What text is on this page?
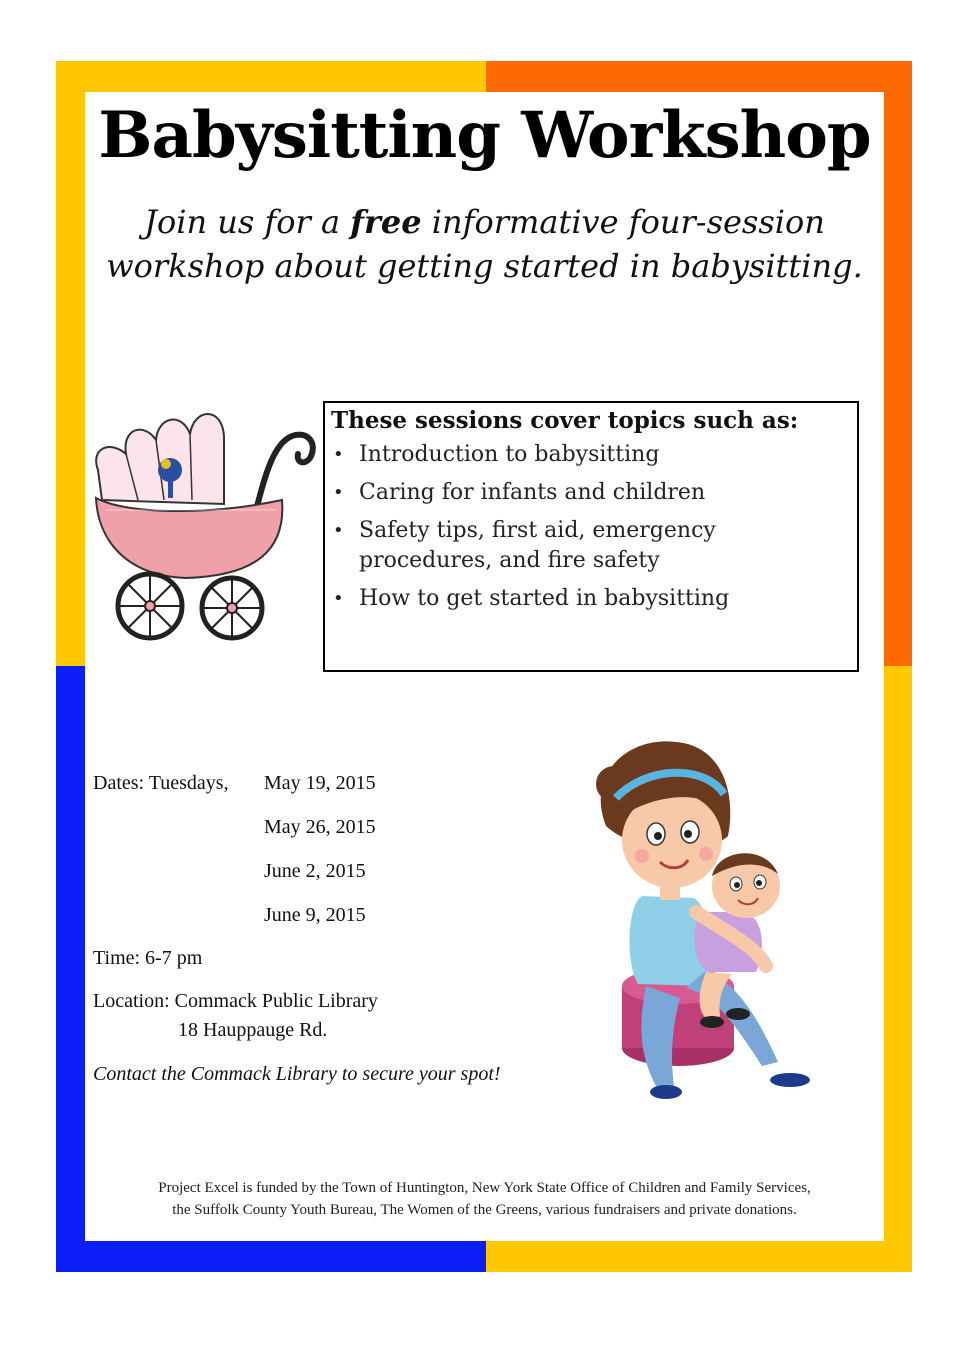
Babysitting Workshop
Join us for a free informative four-session workshop about getting started in babysitting.
These sessions cover topics such as:
• Introduction to babysitting
• Caring for infants and children
• Safety tips, first aid, emergency procedures, and fire safety
• How to get started in babysitting
Dates: Tuesdays, May 19, 2015
May 26, 2015
June 2, 2015
June 9, 2015
Time: 6-7 pm
Location: Commack Public Library
18 Hauppauge Rd.
Contact the Commack Library to secure your spot!
Project Excel is funded by the Town of Huntington, New York State Office of Children and Family Services,
the Suffolk County Youth Bureau, The Women of the Greens, various fundraisers and private donations.
